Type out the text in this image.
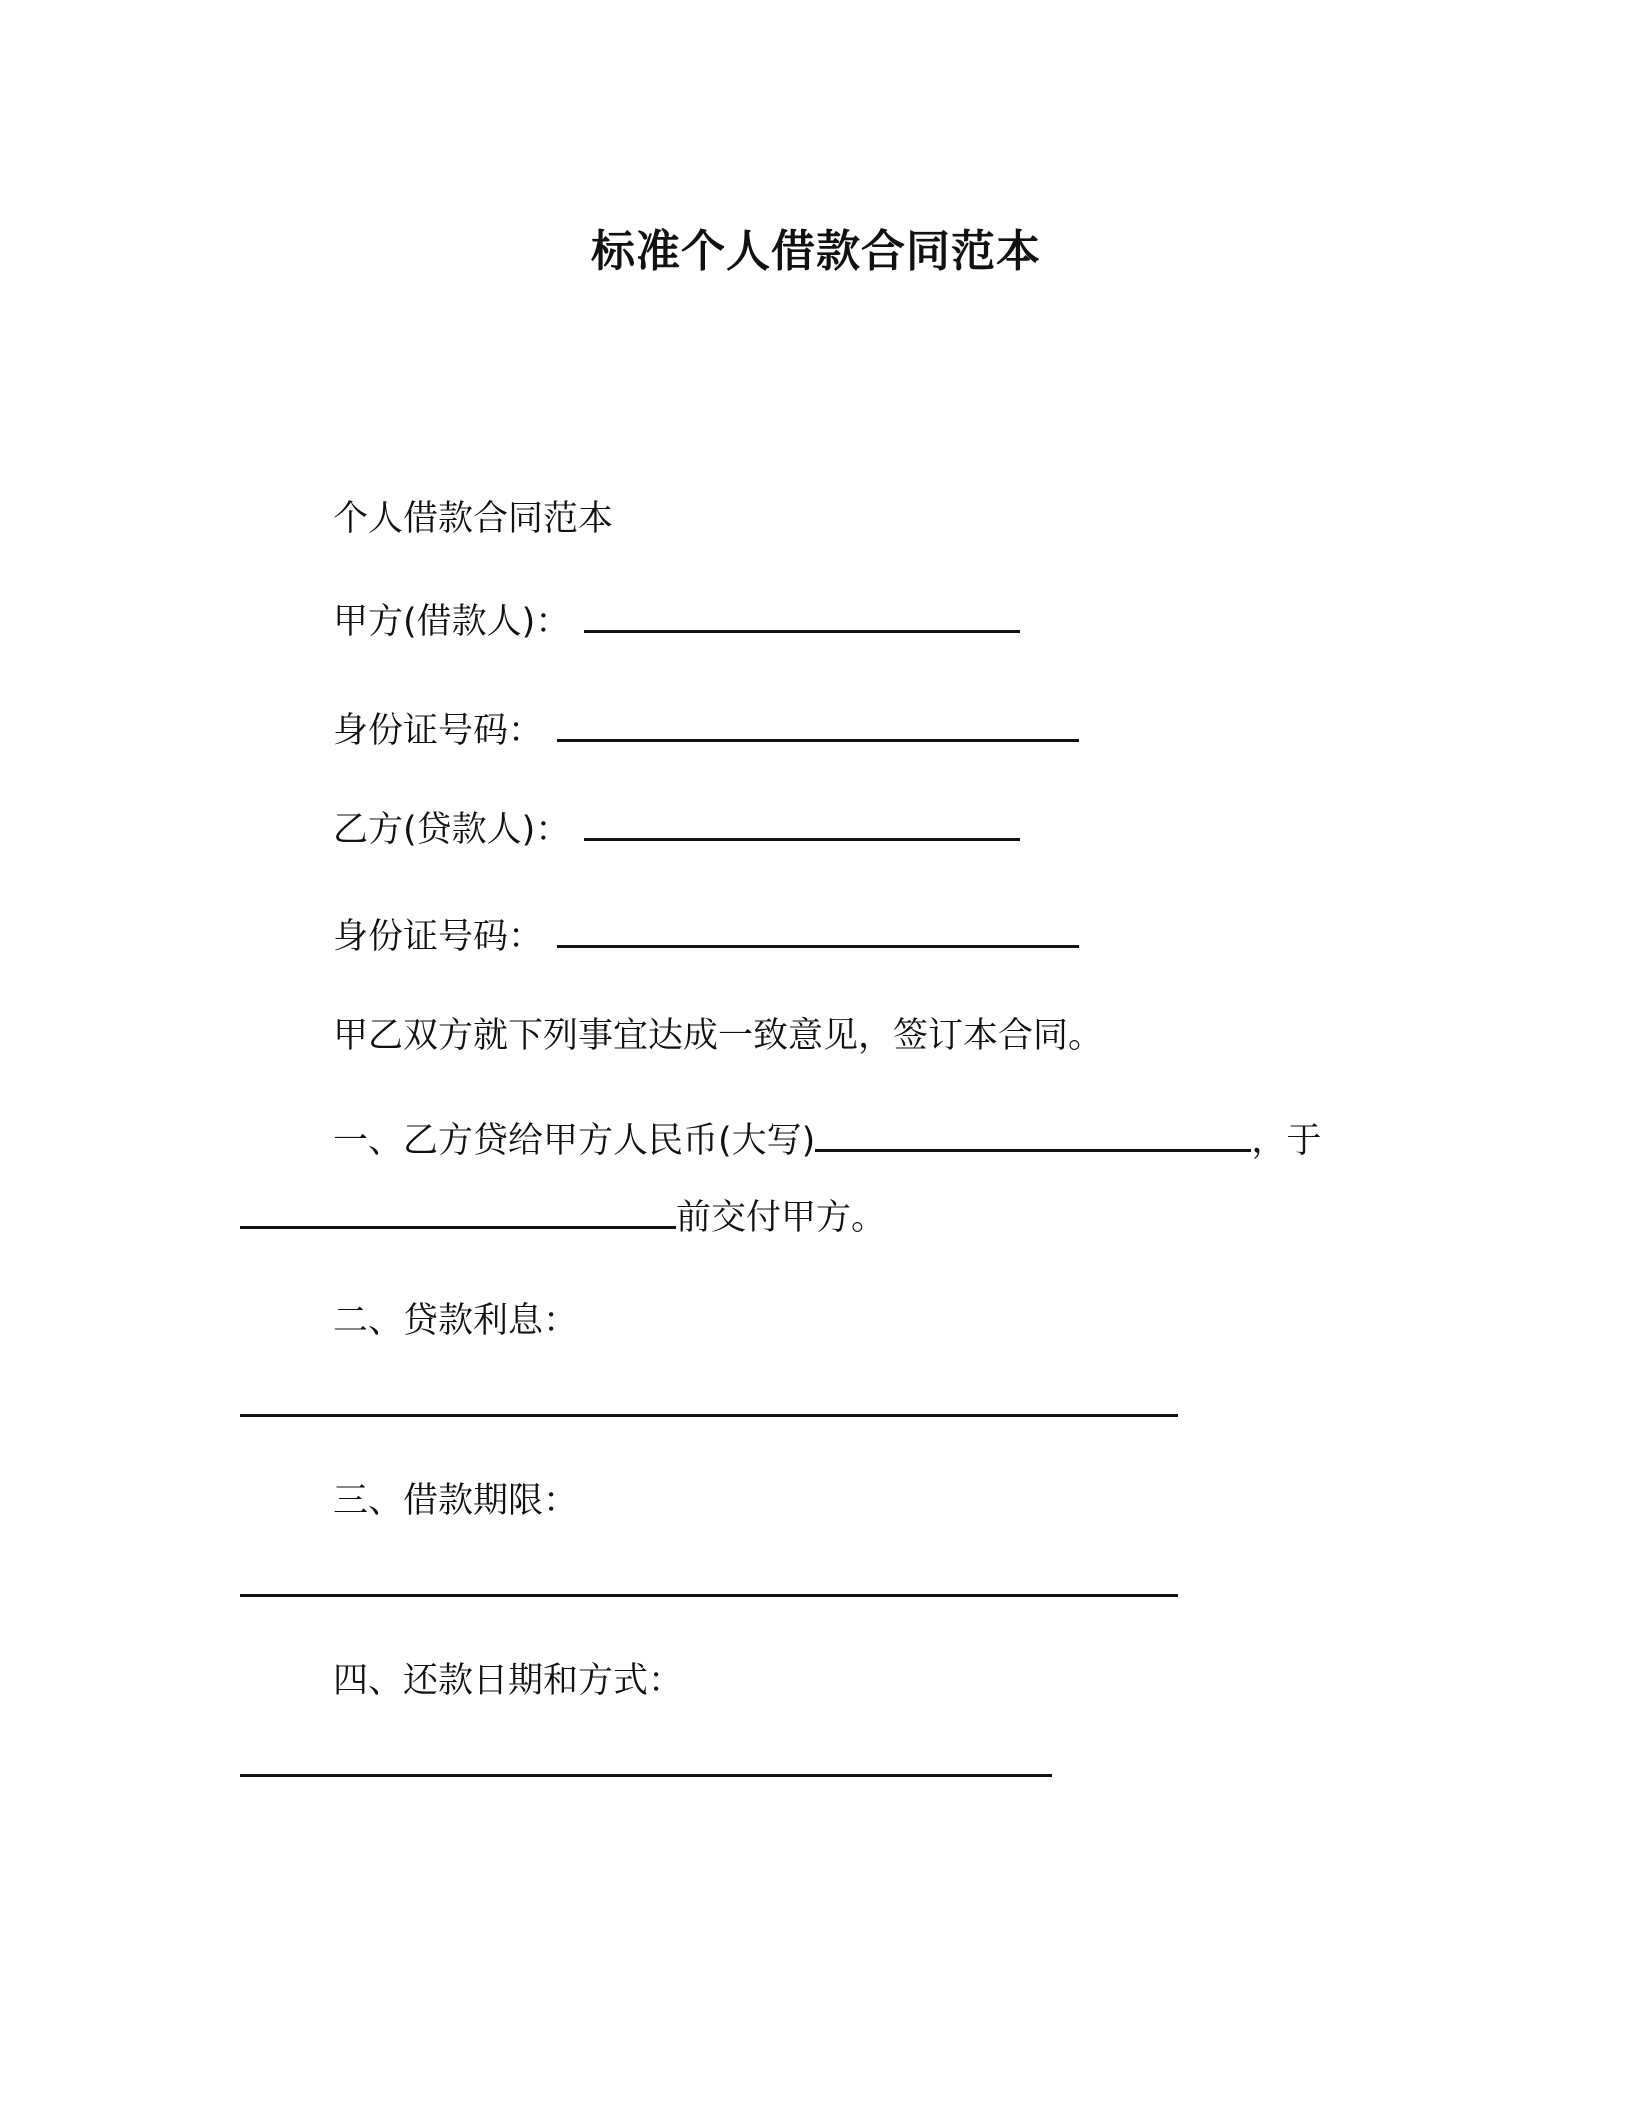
标准个人借款合同范本
个人借款合同范本
甲方(借款人)：
身份证号码：
乙方(贷款人)：
身份证号码：
甲乙双方就下列事宜达成一致意见，签订本合同。
一、乙方贷给甲方人民币(大写)	，于
前交付甲方。
二、贷款利息：
三、借款期限：
四、还款日期和方式：
